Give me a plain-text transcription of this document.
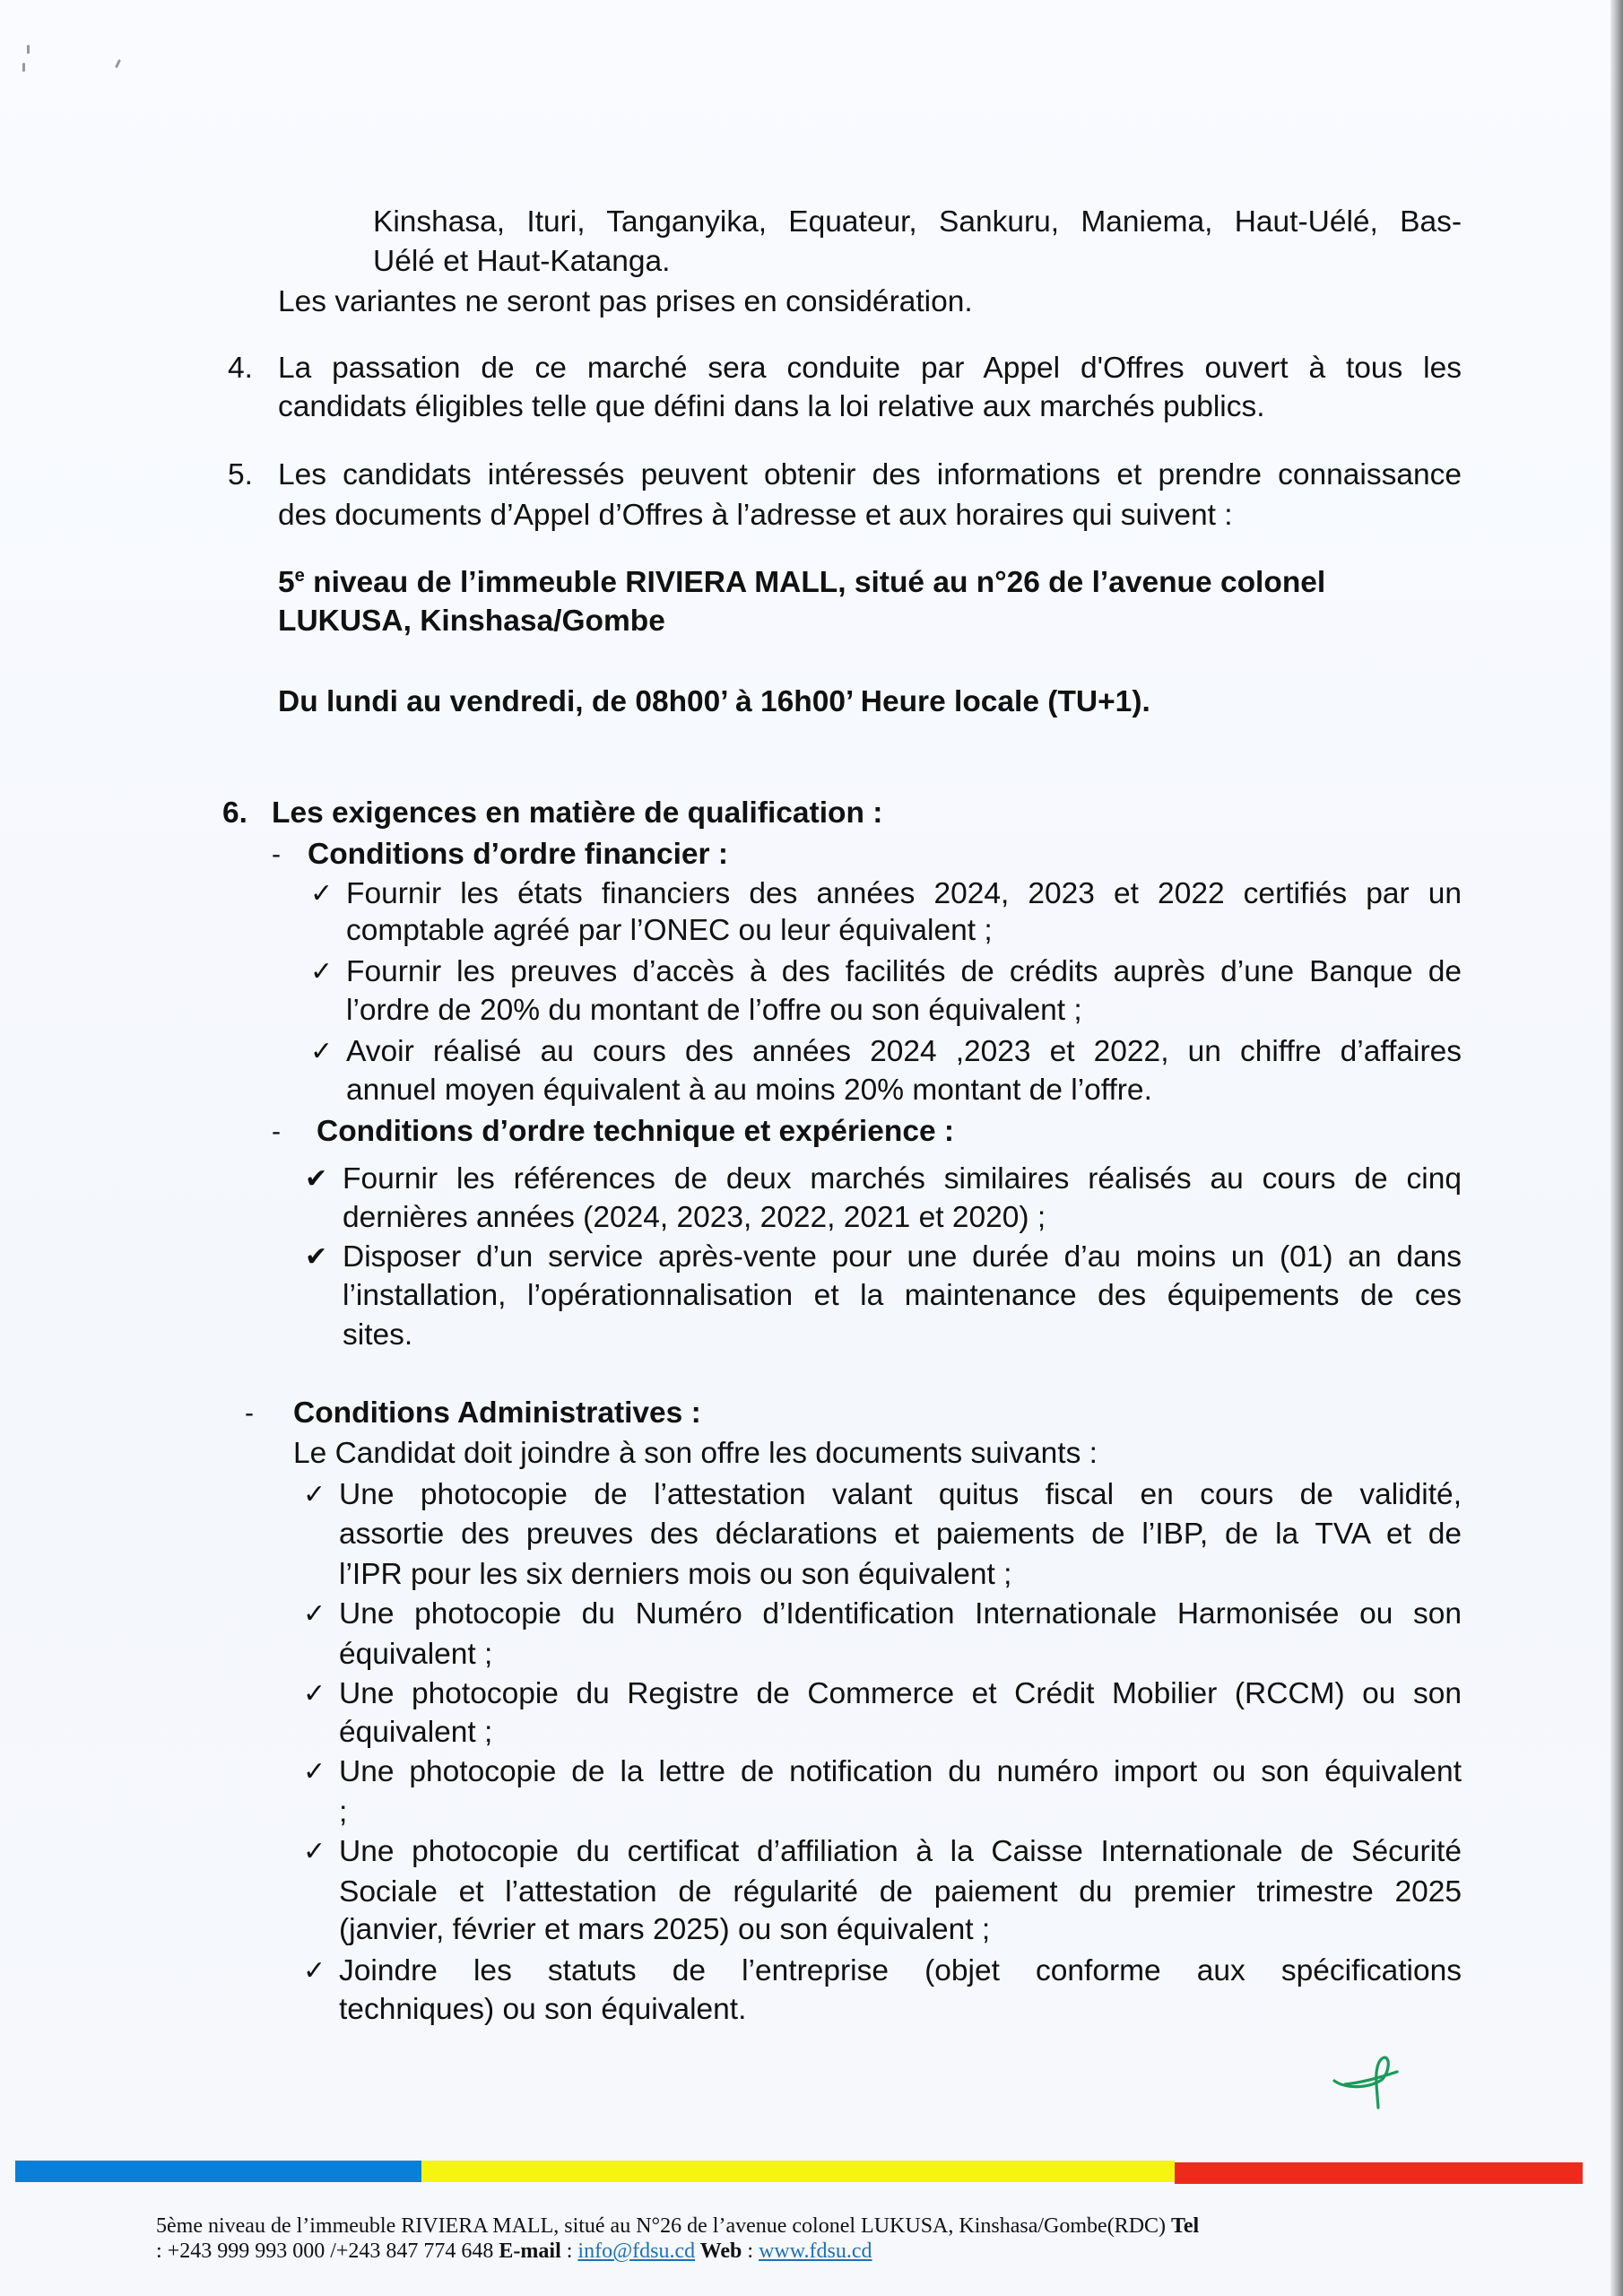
Kinshasa, Ituri, Tanganyika, Equateur, Sankuru, Maniema, Haut-Uélé, Bas-
Uélé et Haut-Katanga.
Les variantes ne seront pas prises en considération.
4. La passation de ce marché sera conduite par Appel d'Offres ouvert à tous les
candidats éligibles telle que défini dans la loi relative aux marchés publics.
5. Les candidats intéressés peuvent obtenir des informations et prendre connaissance
des documents d’Appel d’Offres à l’adresse et aux horaires qui suivent :
5e niveau de l’immeuble RIVIERA MALL, situé au n°26 de l’avenue colonel
LUKUSA, Kinshasa/Gombe
Du lundi au vendredi, de 08h00’ à 16h00’ Heure locale (TU+1).
6. Les exigences en matière de qualification :
- Conditions d’ordre financier :
✓ Fournir les états financiers des années 2024, 2023 et 2022 certifiés par un
comptable agréé par l’ONEC ou leur équivalent ;
✓ Fournir les preuves d’accès à des facilités de crédits auprès d’une Banque de
l’ordre de 20% du montant de l’offre ou son équivalent ;
✓ Avoir réalisé au cours des années 2024 ,2023 et 2022, un chiffre d’affaires
annuel moyen équivalent à au moins 20% montant de l’offre.
- Conditions d’ordre technique et expérience :
✔ Fournir les références de deux marchés similaires réalisés au cours de cinq
dernières années (2024, 2023, 2022, 2021 et 2020) ;
✔ Disposer d’un service après-vente pour une durée d’au moins un (01) an dans
l’installation, l’opérationnalisation et la maintenance des équipements de ces
sites.
- Conditions Administratives :
Le Candidat doit joindre à son offre les documents suivants :
✓ Une photocopie de l’attestation valant quitus fiscal en cours de validité,
assortie des preuves des déclarations et paiements de l’IBP, de la TVA et de
l’IPR pour les six derniers mois ou son équivalent ;
✓ Une photocopie du Numéro d’Identification Internationale Harmonisée ou son
équivalent ;
✓ Une photocopie du Registre de Commerce et Crédit Mobilier (RCCM) ou son
équivalent ;
✓ Une photocopie de la lettre de notification du numéro import ou son équivalent
;
✓ Une photocopie du certificat d’affiliation à la Caisse Internationale de Sécurité
Sociale et l’attestation de régularité de paiement du premier trimestre 2025
(janvier, février et mars 2025) ou son équivalent ;
✓ Joindre les statuts de l’entreprise (objet conforme aux spécifications
techniques) ou son équivalent.
5ème niveau de l’immeuble RIVIERA MALL, situé au N°26 de l’avenue colonel LUKUSA, Kinshasa/Gombe(RDC) Tel
: +243 999 993 000 /+243 847 774 648 E-mail : info@fdsu.cd Web : www.fdsu.cd
